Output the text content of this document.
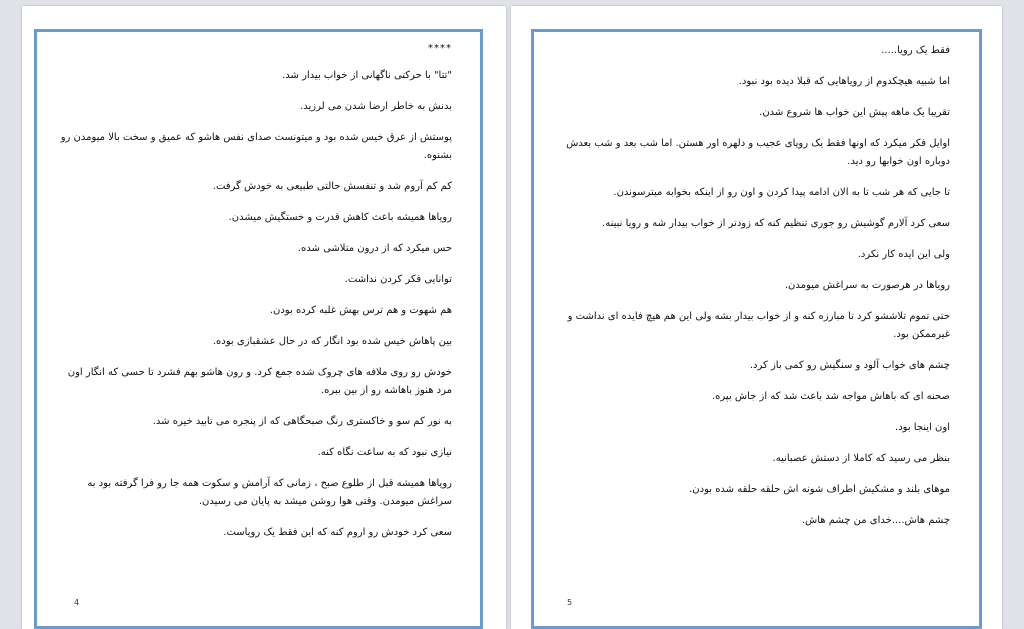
****

"تتا" با حرکتی ناگهانی از خواب بیدار شد.

بدنش به خاطر ارضا شدن می لرزید.

پوستش از عرق خیس شده بود و میتونست صدای نفس هاشو که عمیق و سخت بالا میومدن رو بشنوه.

کم کم آروم شد و تنفسش حالتی طبیعی به خودش گرفت.

رویاها همیشه باعث کاهش قدرت و خستگیش میشدن.

حس میکرد که از درون متلاشی شده.

توانایی فکر کردن نداشت.

هم شهوت و هم ترس بهش غلبه کرده بودن.

بین پاهاش خیس شده بود انگار که در حال عشقبازی بوده.

خودش رو روی ملافه های چروک شده جمع کرد. و رون هاشو بهم فشرد تا حسی که انگار اون مرد هنوز باهاشه رو از بین ببره.

به نور کم سو و خاکستری رنگ صبحگاهی که از پنجره می تابید خیره شد.

نیازی نبود که به ساعت نگاه کنه.

رویاها همیشه قبل از طلوع صبح ، زمانی که آرامش و سکوت همه جا رو فرا گرفته بود به سراغش میومدن. وقتی هوا روشن میشد به پایان می رسیدن.

سعی کرد خودش رو اروم کنه که این فقط یک رویاست.

4

فقط یک رویا.....

اما شبیه هیچکدوم از رویاهایی که قبلا دیده بود نبود.

تقریبا یک ماهه پیش این خواب ها شروع شدن.

اوایل فکر میکرد که اونها فقط یک رویای عجیب و دلهره اور هستن. اما شب بعد و شب بعدش دوباره اون خوابها رو دید.

تا جایی که هر شب تا به الان ادامه پیدا کردن و اون رو از اینکه بخوابه میترسوندن.

سعی کرد آلارم گوشیش رو جوری تنظیم کنه که زودتر از خواب بیدار شه و رویا نبینه.

ولی این ایده کار نکرد.

رویاها در هرصورت به سراغش میومدن.

حتی تموم تلاششو کرد تا مبارزه کنه و از خواب بیدار بشه ولی این هم هیچ فایده ای نداشت و غیرممکن بود.

چشم های خواب آلود و سنگیش رو کمی باز کرد.

صحنه ای که باهاش مواجه شد باعث شد که از جاش بپره.

اون اینجا بود.

بنظر می رسید که کاملا از دستش عصبانیه.

موهای بلند و مشکیش اطراف شونه اش حلقه حلقه شده بودن.

چشم هاش....خدای من چشم هاش.

5
